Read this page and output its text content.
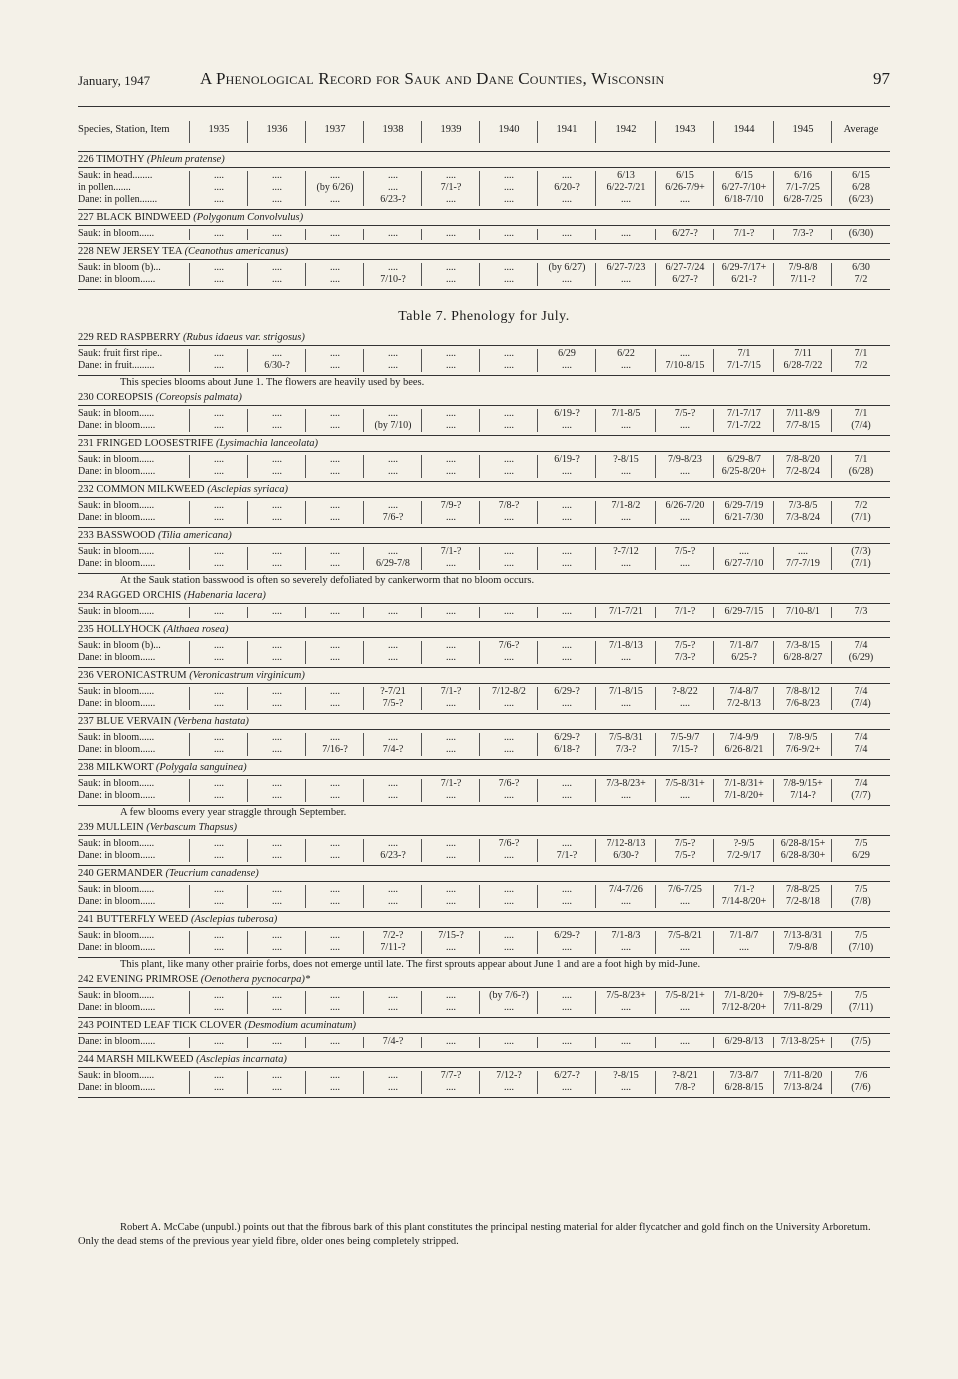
January, 1947	A Phenological Record for Sauk and Dane Counties, Wisconsin	97
Species, Station, Item	1935	1936	1937	1938	1939	1940	1941	1942	1943	1944	1945	Average
226 TIMOTHY (Phleum pratense)
Sauk: in head........	....	....	....	....	....	....	....	6/13	6/15	6/15	6/16	6/15
in pollen.......	....	....	(by 6/26)	....	7/1-?	....	6/20-?	6/22-7/21	6/26-7/9+	6/27-7/10+	7/1-7/25	6/28
Dane: in pollen.......	....	....	....	6/23-?	....	....	....	....	....	6/18-7/10	6/28-7/25	(6/23)
227 BLACK BINDWEED (Polygonum Convolvulus)
Sauk: in bloom......	....	....	....	....	....	....	....	....	6/27-?	7/1-?	7/3-?	(6/30)
228 NEW JERSEY TEA (Ceanothus americanus)
Sauk: in bloom (b)...	....	....	....	....	....	....	(by 6/27)	6/27-7/23	6/27-7/24	6/29-7/17+	7/9-8/8	6/30
Dane: in bloom......	....	....	....	7/10-?	....	....	....	....	6/27-?	6/21-?	7/11-?	7/2
Table 7. Phenology for July.
229 RED RASPBERRY (Rubus idaeus var. strigosus)
Sauk: fruit first ripe..	....	....	....	....	....	....	6/29	6/22	....	7/1	7/11	7/1
Dane: in fruit.........	....	6/30-?	....	....	....	....	....	....	7/10-8/15	7/1-7/15	6/28-7/22	7/2
This species blooms about June 1. The flowers are heavily used by bees.
230 COREOPSIS (Coreopsis palmata)
Sauk: in bloom......	....	....	....	....	....	....	6/19-?	7/1-8/5	7/5-?	7/1-7/17	7/11-8/9	7/1
Dane: in bloom......	....	....	....	(by 7/10)	....	....	....	....	....	7/1-7/22	7/7-8/15	(7/4)
231 FRINGED LOOSESTRIFE (Lysimachia lanceolata)
Sauk: in bloom......	....	....	....	....	....	....	6/19-?	?-8/15	7/9-8/23	6/29-8/7	7/8-8/20	7/1
Dane: in bloom......	....	....	....	....	....	....	....	....	....	6/25-8/20+	7/2-8/24	(6/28)
232 COMMON MILKWEED (Asclepias syriaca)
Sauk: in bloom......	....	....	....	....	7/9-?	7/8-?	....	7/1-8/2	6/26-7/20	6/29-7/19	7/3-8/5	7/2
Dane: in bloom......	....	....	....	7/6-?	....	....	....	....	....	6/21-7/30	7/3-8/24	(7/1)
233 BASSWOOD (Tilia americana)
Sauk: in bloom......	....	....	....	....	7/1-?	....	....	?-7/12	7/5-?	....	....	(7/3)
Dane: in bloom......	....	....	....	6/29-7/8	....	....	....	....	....	6/27-7/10	7/7-7/19	(7/1)
At the Sauk station basswood is often so severely defoliated by cankerworm that no bloom occurs.
234 RAGGED ORCHIS (Habenaria lacera)
Sauk: in bloom......	....	....	....	....	....	....	....	7/1-7/21	7/1-?	6/29-7/15	7/10-8/1	7/3
235 HOLLYHOCK (Althaea rosea)
Sauk: in bloom (b)...	....	....	....	....	....	7/6-?	....	7/1-8/13	7/5-?	7/1-8/7	7/3-8/15	7/4
Dane: in bloom......	....	....	....	....	....	....	....	....	7/3-?	6/25-?	6/28-8/27	(6/29)
236 VERONICASTRUM (Veronicastrum virginicum)
Sauk: in bloom......	....	....	....	?-7/21	7/1-?	7/12-8/2	6/29-?	7/1-8/15	?-8/22	7/4-8/7	7/8-8/12	7/4
Dane: in bloom......	....	....	....	7/5-?	....	....	....	....	....	7/2-8/13	7/6-8/23	(7/4)
237 BLUE VERVAIN (Verbena hastata)
Sauk: in bloom......	....	....	....	....	....	....	6/29-?	7/5-8/31	7/5-9/7	7/4-9/9	7/8-9/5	7/4
Dane: in bloom......	....	....	7/16-?	7/4-?	....	....	6/18-?	7/3-?	7/15-?	6/26-8/21	7/6-9/2+	7/4
238 MILKWORT (Polygala sanguinea)
Sauk: in bloom......	....	....	....	....	7/1-?	7/6-?	....	7/3-8/23+	7/5-8/31+	7/1-8/31+	7/8-9/15+	7/4
Dane: in bloom......	....	....	....	....	....	....	....	....	....	7/1-8/20+	7/14-?	(7/7)
A few blooms every year straggle through September.
239 MULLEIN (Verbascum Thapsus)
Sauk: in bloom......	....	....	....	....	....	7/6-?	....	7/12-8/13	7/5-?	?-9/5	6/28-8/15+	7/5
Dane: in bloom......	....	....	....	6/23-?	....	....	7/1-?	6/30-?	7/5-?	7/2-9/17	6/28-8/30+	6/29
240 GERMANDER (Teucrium canadense)
Sauk: in bloom......	....	....	....	....	....	....	....	7/4-7/26	7/6-7/25	7/1-?	7/8-8/25	7/5
Dane: in bloom......	....	....	....	....	....	....	....	....	....	7/14-8/20+	7/2-8/18	(7/8)
241 BUTTERFLY WEED (Asclepias tuberosa)
Sauk: in bloom......	....	....	....	7/2-?	7/15-?	....	6/29-?	7/1-8/3	7/5-8/21	7/1-8/7	7/13-8/31	7/5
Dane: in bloom......	....	....	....	7/11-?	....	....	....	....	....	....	7/9-8/8	(7/10)
This plant, like many other prairie forbs, does not emerge until late. The first sprouts appear about June 1 and are a foot high by mid-June.
242 EVENING PRIMROSE (Oenothera pycnocarpa)*
Sauk: in bloom......	....	....	....	....	....	(by 7/6-?)	....	7/5-8/23+	7/5-8/21+	7/1-8/20+	7/9-8/25+	7/5
Dane: in bloom......	....	....	....	....	....	....	....	....	....	7/12-8/20+	7/11-8/29	(7/11)
243 POINTED LEAF TICK CLOVER (Desmodium acuminatum)
Dane: in bloom......	....	....	....	7/4-?	....	....	....	....	....	6/29-8/13	7/13-8/25+	(7/5)
244 MARSH MILKWEED (Asclepias incarnata)
Sauk: in bloom......	....	....	....	....	7/7-?	7/12-?	6/27-?	?-8/15	?-8/21	7/3-8/7	7/11-8/20	7/6
Dane: in bloom......	....	....	....	....	....	....	....	....	7/8-?	6/28-8/15	7/13-8/24	(7/6)
Robert A. McCabe (unpubl.) points out that the fibrous bark of this plant constitutes the principal nesting material for alder flycatcher and gold finch on the University Arboretum. Only the dead stems of the previous year yield fibre, older ones being completely stripped.
